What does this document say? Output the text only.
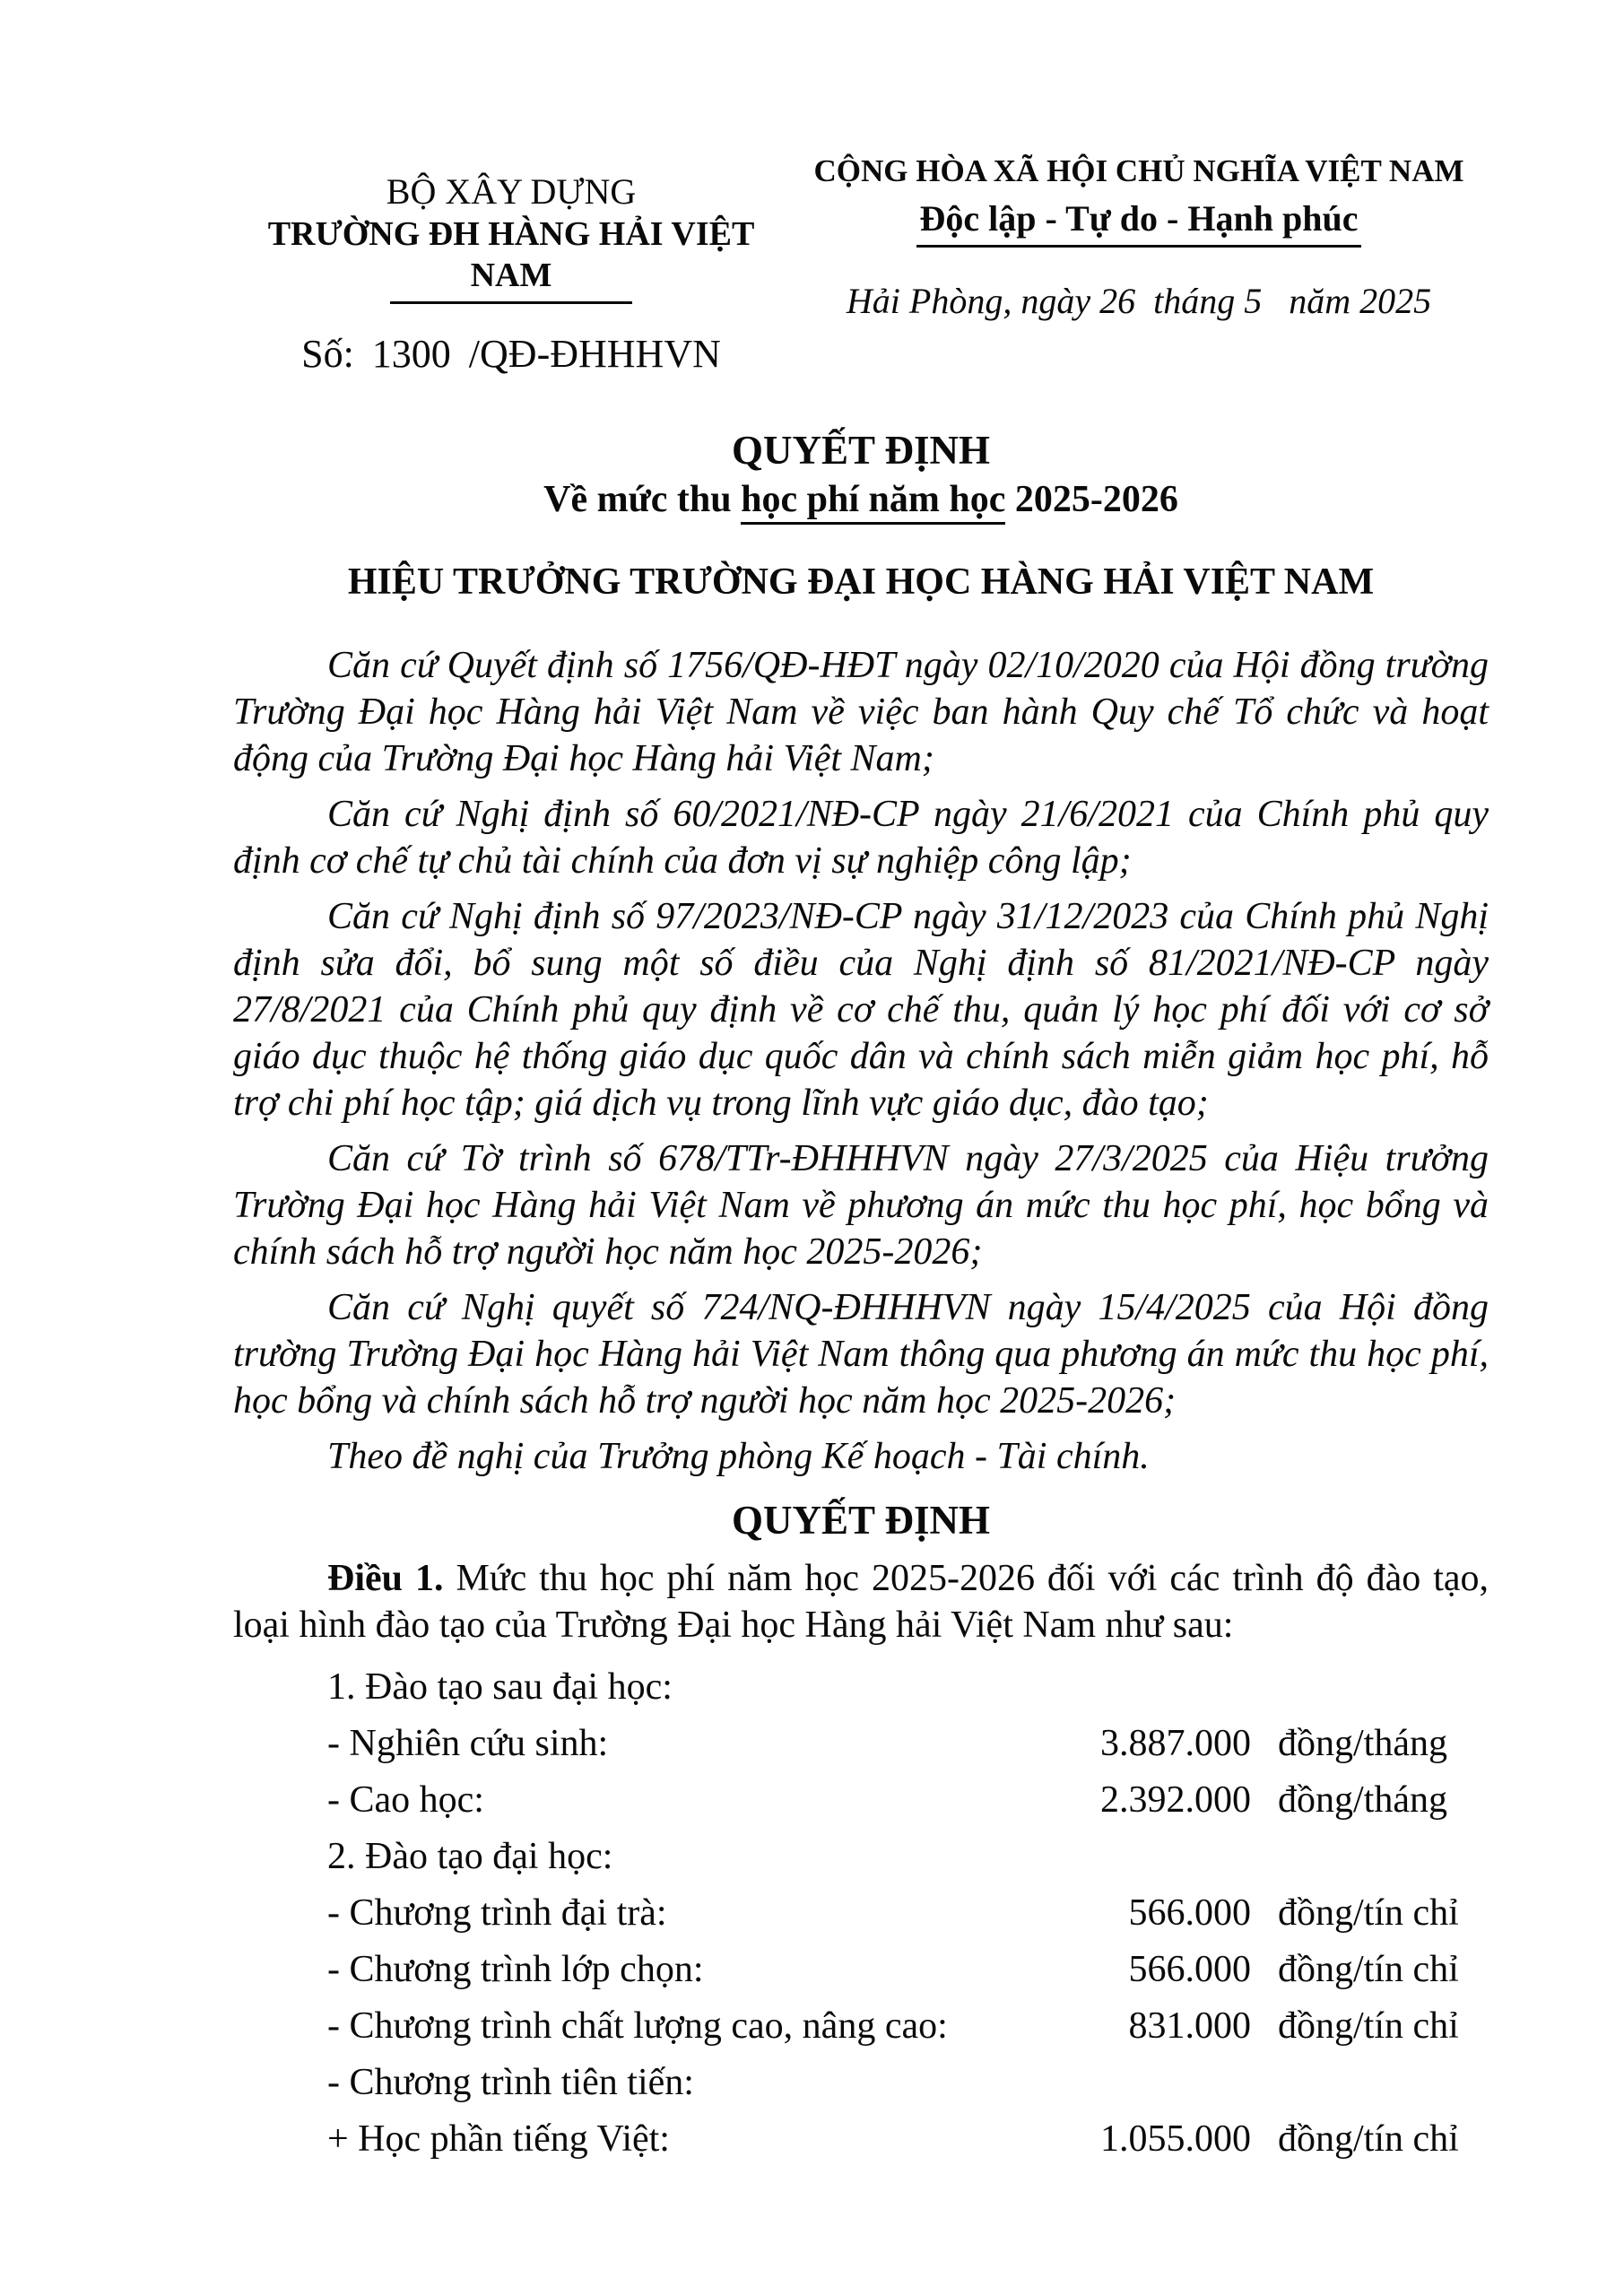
BỘ XÂY DỰNG
TRƯỜNG ĐH HÀNG HẢI VIỆT NAM
Số: 1300 /QĐ-ĐHHHVN
CỘNG HÒA XÃ HỘI CHỦ NGHĨA VIỆT NAM
Độc lập - Tự do - Hạnh phúc
Hải Phòng, ngày 26  tháng 5   năm 2025
QUYẾT ĐỊNH
Về mức thu học phí năm học 2025-2026
HIỆU TRƯỞNG TRƯỜNG ĐẠI HỌC HÀNG HẢI VIỆT NAM

Căn cứ Quyết định số 1756/QĐ-HĐT ngày 02/10/2020 của Hội đồng trường Trường Đại học Hàng hải Việt Nam về việc ban hành Quy chế Tổ chức và hoạt động của Trường Đại học Hàng hải Việt Nam;

Căn cứ Nghị định số 60/2021/NĐ-CP ngày 21/6/2021 của Chính phủ quy định cơ chế tự chủ tài chính của đơn vị sự nghiệp công lập;

Căn cứ Nghị định số 97/2023/NĐ-CP ngày 31/12/2023 của Chính phủ Nghị định sửa đổi, bổ sung một số điều của Nghị định số 81/2021/NĐ-CP ngày 27/8/2021 của Chính phủ quy định về cơ chế thu, quản lý học phí đối với cơ sở giáo dục thuộc hệ thống giáo dục quốc dân và chính sách miễn giảm học phí, hỗ trợ chi phí học tập; giá dịch vụ trong lĩnh vực giáo dục, đào tạo;

Căn cứ Tờ trình số 678/TTr-ĐHHHVN ngày 27/3/2025 của Hiệu trưởng Trường Đại học Hàng hải Việt Nam về phương án mức thu học phí, học bổng và chính sách hỗ trợ người học năm học 2025-2026;

Căn cứ Nghị quyết số 724/NQ-ĐHHHVN ngày 15/4/2025 của Hội đồng trường Trường Đại học Hàng hải Việt Nam thông qua phương án mức thu học phí, học bổng và chính sách hỗ trợ người học năm học 2025-2026;

Theo đề nghị của Trưởng phòng Kế hoạch - Tài chính.

QUYẾT ĐỊNH

Điều 1. Mức thu học phí năm học 2025-2026 đối với các trình độ đào tạo, loại hình đào tạo của Trường Đại học Hàng hải Việt Nam như sau:

1. Đào tạo sau đại học:
- Nghiên cứu sinh:	3.887.000 đồng/tháng
- Cao học:	2.392.000 đồng/tháng
2. Đào tạo đại học:
- Chương trình đại trà:	566.000 đồng/tín chỉ
- Chương trình lớp chọn:	566.000 đồng/tín chỉ
- Chương trình chất lượng cao, nâng cao:	831.000 đồng/tín chỉ
- Chương trình tiên tiến:
+ Học phần tiếng Việt:	1.055.000 đồng/tín chỉ
